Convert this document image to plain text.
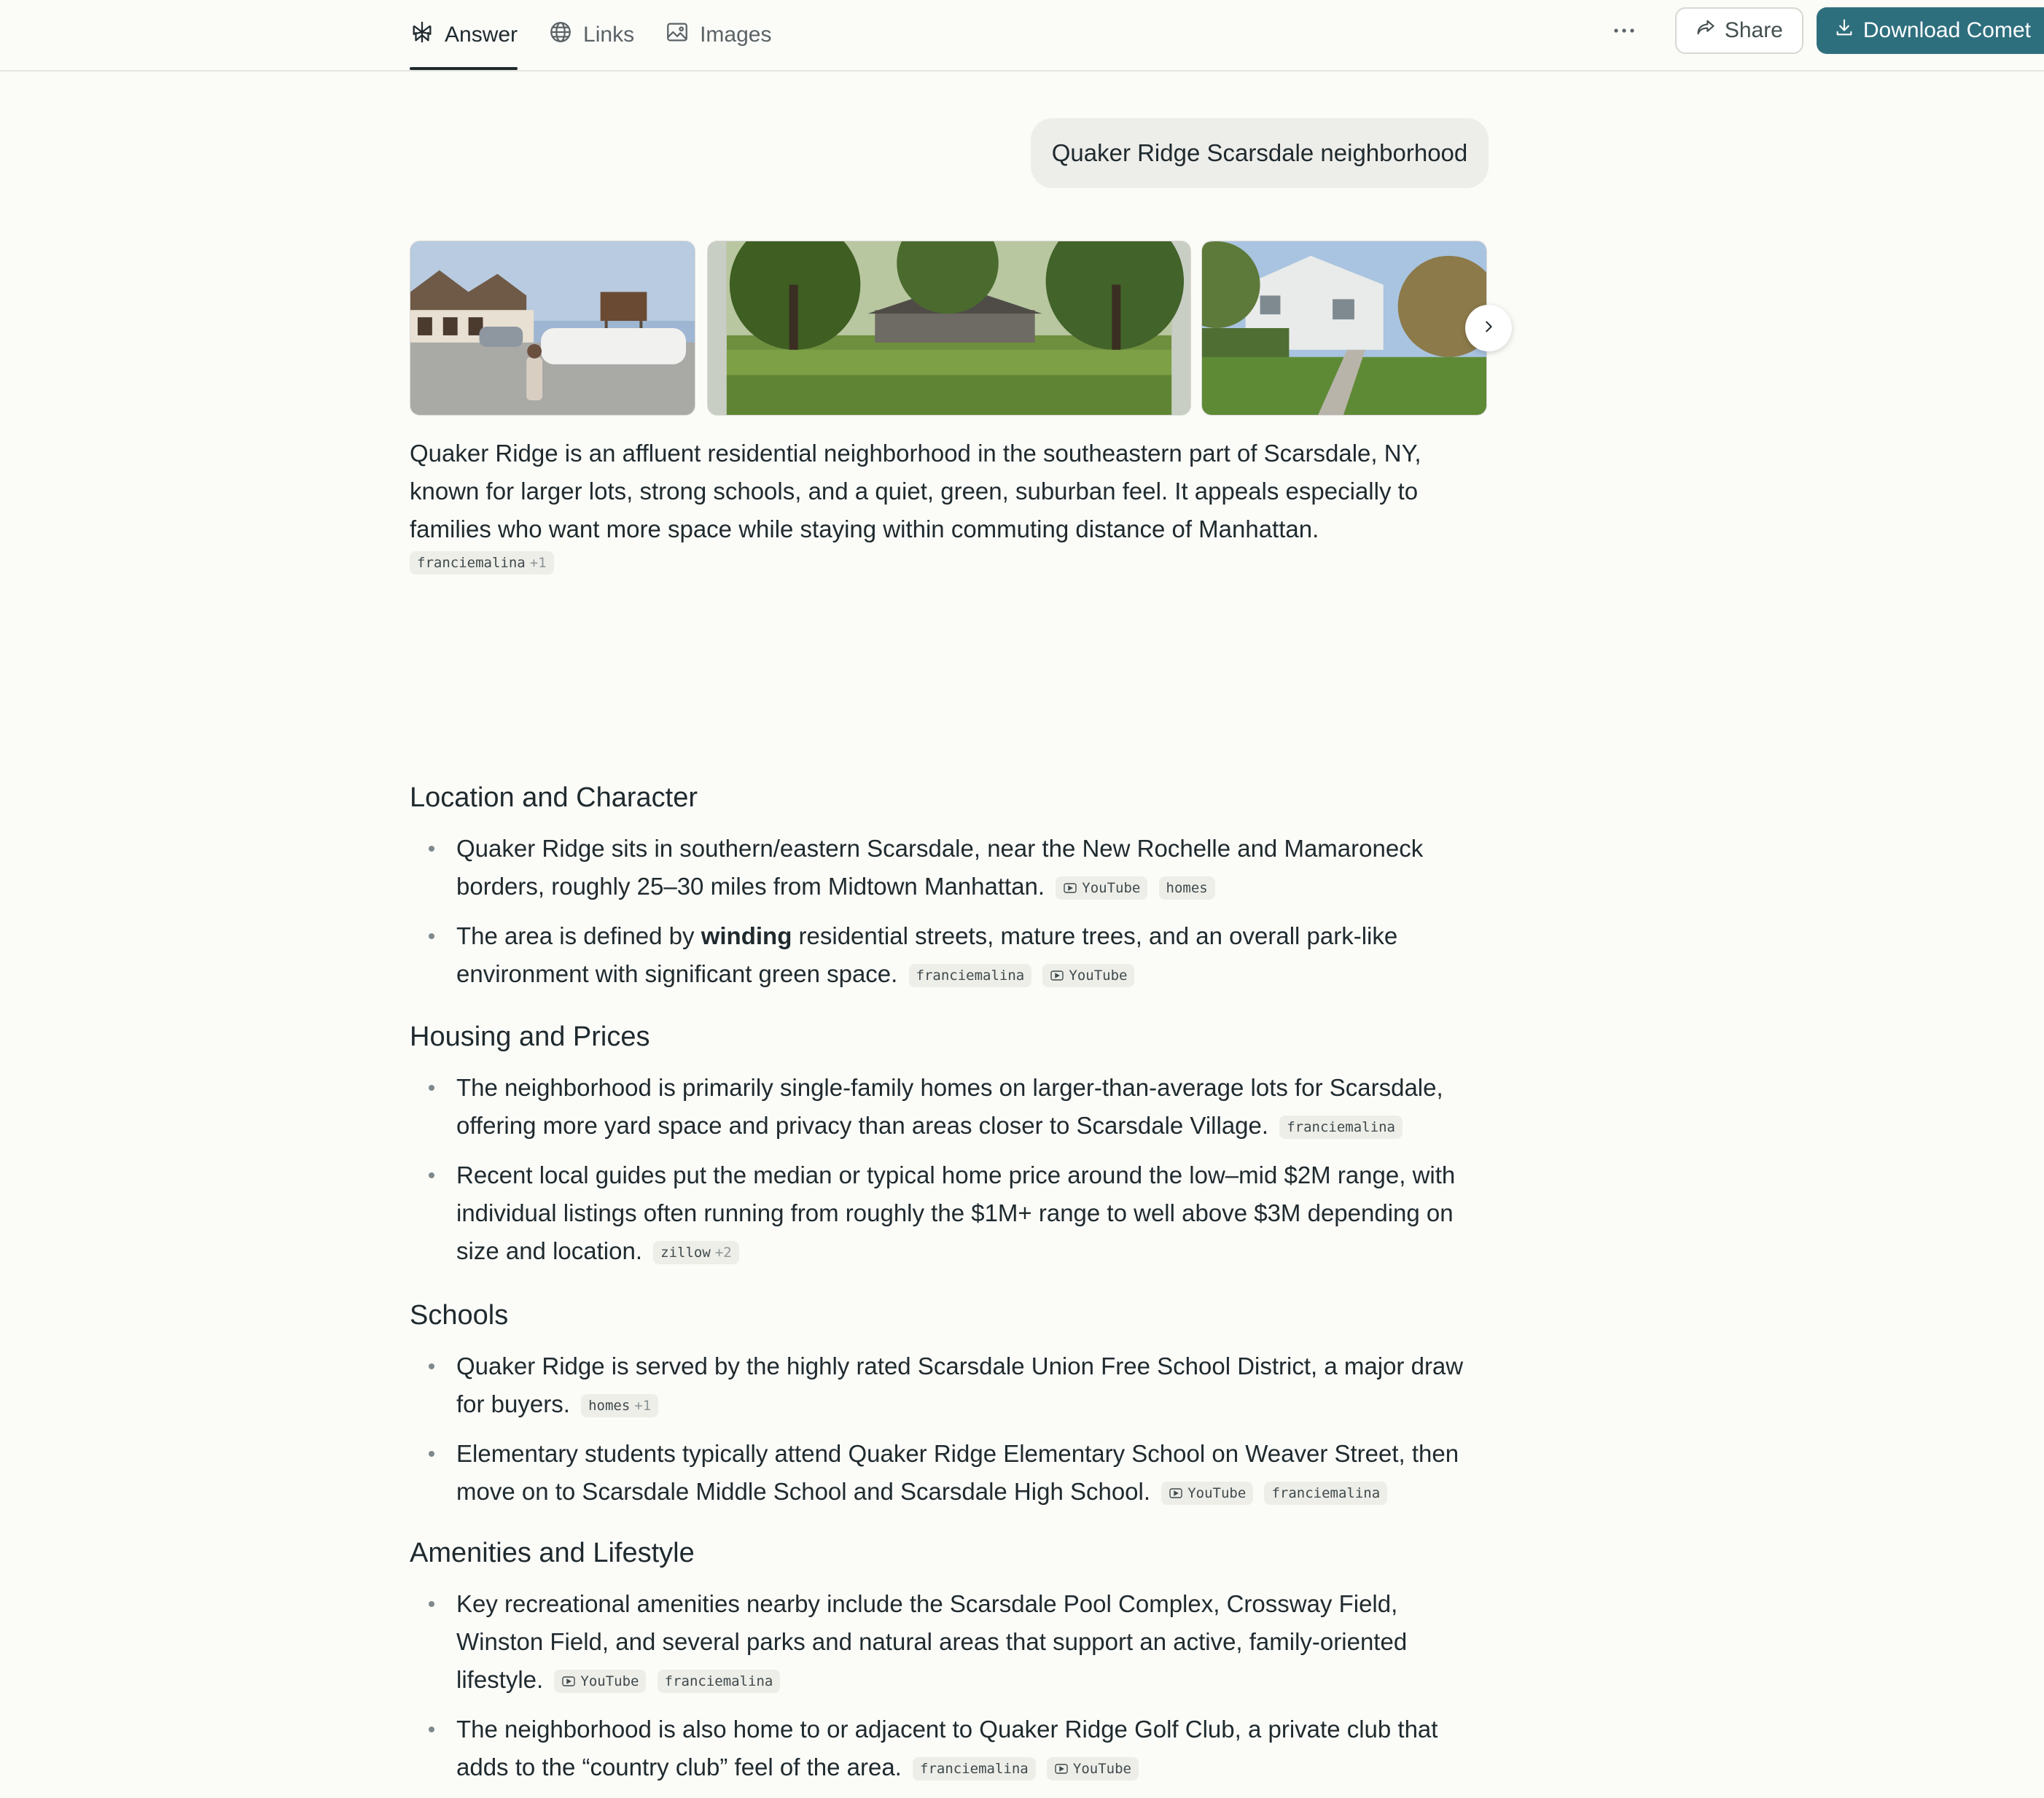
Answer	Links	Images	Share	Download Comet
Quaker Ridge Scarsdale neighborhood

Quaker Ridge is an affluent residential neighborhood in the southeastern part of Scarsdale, NY, known for larger lots, strong schools, and a quiet, green, suburban feel. It appeals especially to families who want more space while staying within commuting distance of Manhattan.

franciemalina +1
Location and Character
Quaker Ridge sits in southern/eastern Scarsdale, near the New Rochelle and Mamaroneck borders, roughly 25–30 miles from Midtown Manhattan.	YouTube
homes
The area is defined by winding residential streets, mature trees, and an overall park-like environment with significant green space. franciemalina
	YouTube
Housing and Prices
The neighborhood is primarily single-family homes on larger-than-average lots for Scarsdale, offering more yard space and privacy than areas closer to Scarsdale Village. franciemalina
Recent local guides put the median or typical home price around the low–mid $2M range, with individual listings often running from roughly the $1M+ range to well above $3M depending on size and location. zillow +2
Schools
Quaker Ridge is served by the highly rated Scarsdale Union Free School District, a major draw for buyers. homes +1
Elementary students typically attend Quaker Ridge Elementary School on Weaver Street, then move on to Scarsdale Middle School and Scarsdale High School.	YouTube
franciemalina
Amenities and Lifestyle
Key recreational amenities nearby include the Scarsdale Pool Complex, Crossway Field, Winston Field, and several parks and natural areas that support an active, family-oriented lifestyle.	YouTube
franciemalina
The neighborhood is also home to or adjacent to Quaker Ridge Golf Club, a private club that adds to the “country club” feel of the area. franciemalina
	YouTube
